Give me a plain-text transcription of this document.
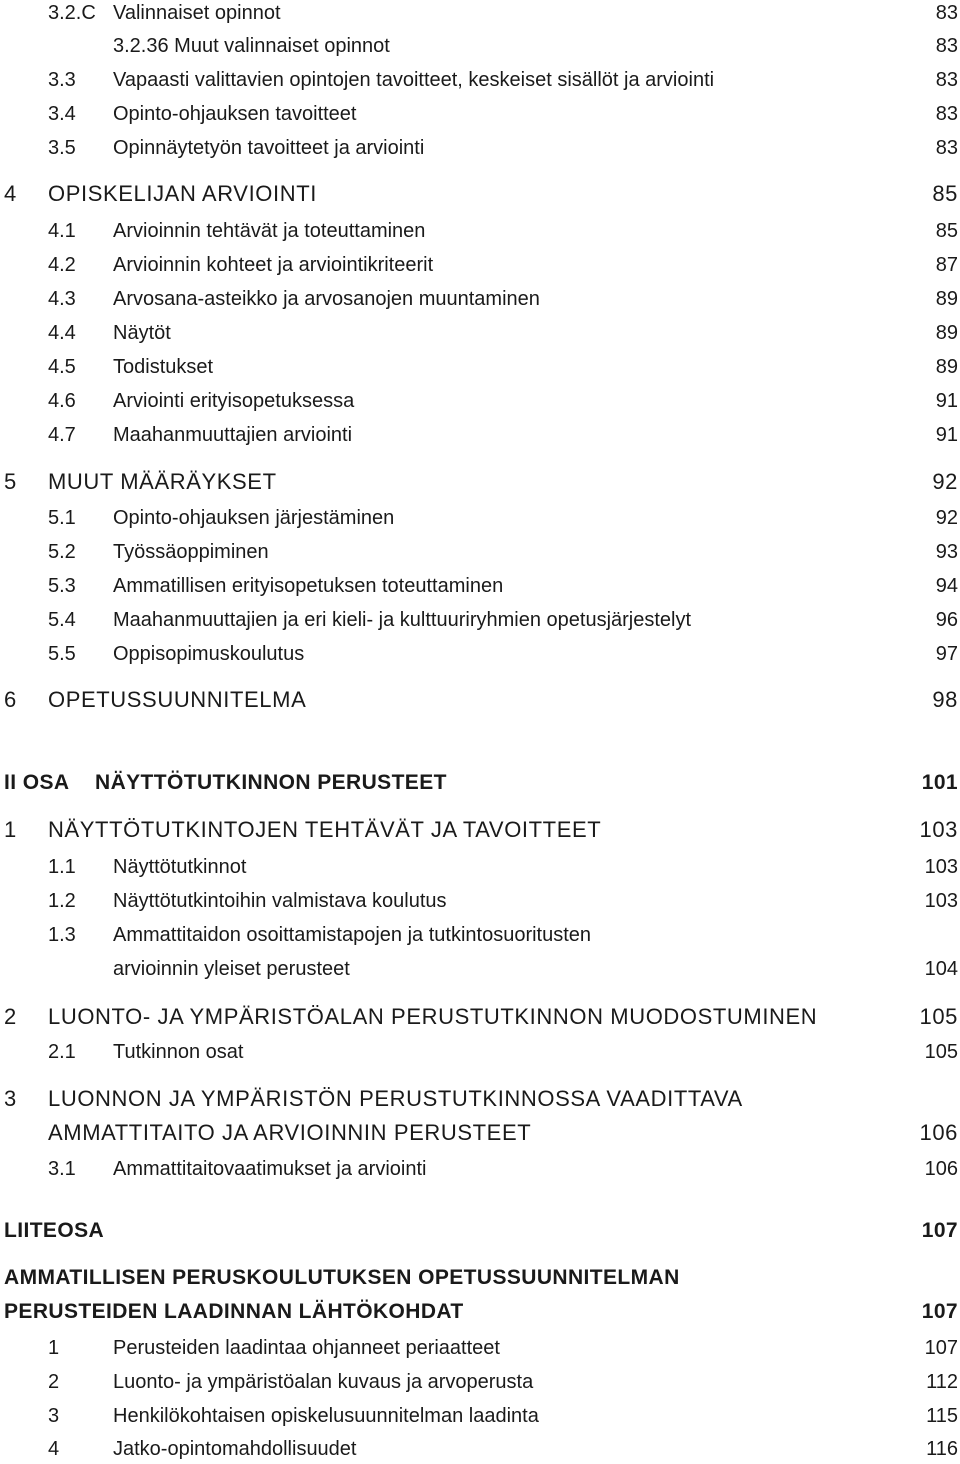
3.2.C Valinnaiset opinnot	83
3.2.36 Muut valinnaiset opinnot	83
3.3 Vapaasti valittavien opintojen tavoitteet, keskeiset sisällöt ja arviointi	83
3.4 Opinto-ohjauksen tavoitteet	83
3.5 Opinnäytetyön tavoitteet ja arviointi	83
4 OPISKELIJAN ARVIOINTI	85
4.1 Arvioinnin tehtävät ja toteuttaminen	85
4.2 Arvioinnin kohteet ja arviointikriteerit	87
4.3 Arvosana-asteikko ja arvosanojen muuntaminen	89
4.4 Näytöt	89
4.5 Todistukset	89
4.6 Arviointi erityisopetuksessa	91
4.7 Maahanmuuttajien arviointi	91
5 MUUT MÄÄRÄYKSET	92
5.1 Opinto-ohjauksen järjestäminen	92
5.2 Työssäoppiminen	93
5.3 Ammatillisen erityisopetuksen toteuttaminen	94
5.4 Maahanmuuttajien ja eri kieli- ja kulttuuriryhmien opetusjärjestelyt	96
5.5 Oppisopimuskoulutus	97
6 OPETUSSUUNNITELMA	98
II OSA NÄYTTÖTUTKINNON PERUSTEET	101
1 NÄYTTÖTUTKINTOJEN TEHTÄVÄT JA TAVOITTEET	103
1.1 Näyttötutkinnot	103
1.2 Näyttötutkintoihin valmistava koulutus	103
1.3 Ammattitaidon osoittamistapojen ja tutkintosuoritusten
arvioinnin yleiset perusteet	104
2 LUONTO- JA YMPÄRISTÖALAN PERUSTUTKINNON MUODOSTUMINEN	105
2.1 Tutkinnon osat	105
3 LUONNON JA YMPÄRISTÖN PERUSTUTKINNOSSA VAADITTAVA
AMMATTITAITO JA ARVIOINNIN PERUSTEET	106
3.1 Ammattitaitovaatimukset ja arviointi	106
LIITEOSA	107
AMMATILLISEN PERUSKOULUTUKSEN OPETUSSUUNNITELMAN
PERUSTEIDEN LAADINNAN LÄHTÖKOHDAT	107
1	Perusteiden laadintaa ohjanneet periaatteet	107
2	Luonto- ja ympäristöalan kuvaus ja arvoperusta	112
3	Henkilökohtaisen opiskelusuunnitelman laadinta	115
4	Jatko-opintomahdollisuudet	116
